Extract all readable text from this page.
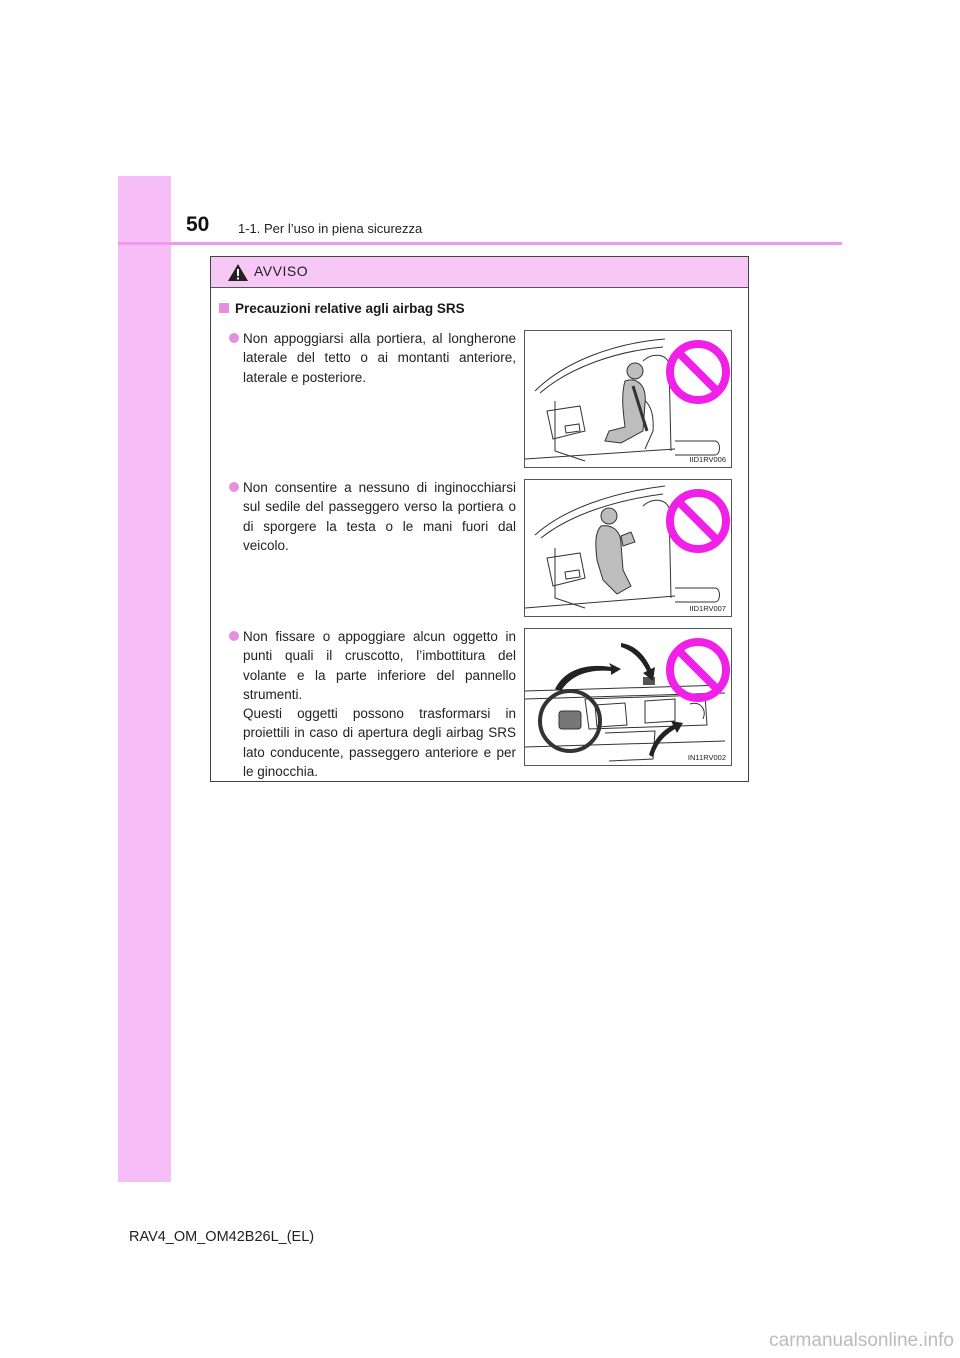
50 1-1. Per l’uso in piena sicurezza
AVVISO
Precauzioni relative agli airbag SRS
Non appoggiarsi alla portiera, al longherone laterale del tetto o ai montanti anteriore, laterale e posteriore.
IID1RV006
Non consentire a nessuno di inginocchiarsi sul sedile del passeggero verso la portiera o di sporgere la testa o le mani fuori dal veicolo.
IID1RV007
Non fissare o appoggiare alcun oggetto in punti quali il cruscotto, l’imbottitura del volante e la parte inferiore del pannello strumenti.
Questi oggetti possono trasformarsi in proiettili in caso di apertura degli airbag SRS lato conducente, passeggero anteriore e per le ginocchia.
IN11RV002
RAV4_OM_OM42B26L_(EL)
carmanualsonline.info
